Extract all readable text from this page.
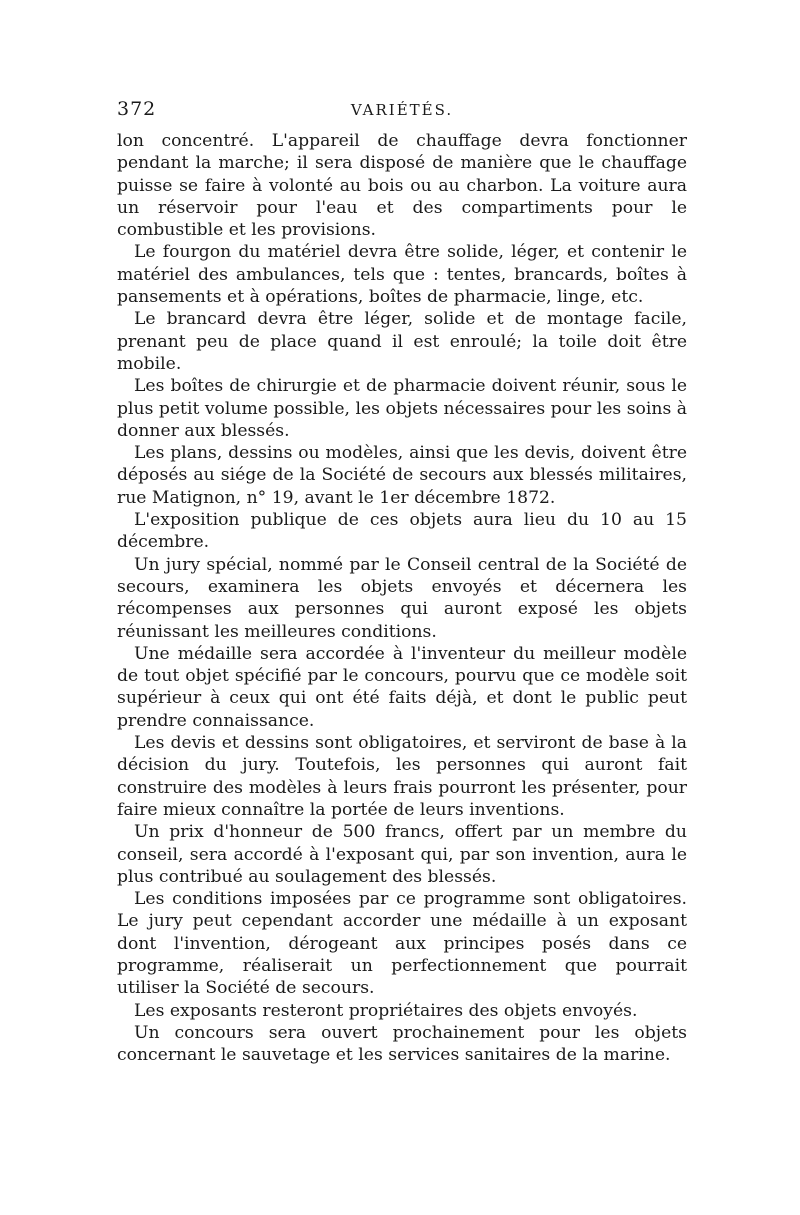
372	VARIÉTÉS.

lon concentré. L'appareil de chauffage devra fonctionner pendant la marche; il sera disposé de manière que le chauffage puisse se faire à volonté au bois ou au charbon. La voiture aura un réservoir pour l'eau et des compartiments pour le combustible et les provisions.

Le fourgon du matériel devra être solide, léger, et contenir le matériel des ambulances, tels que : tentes, brancards, boîtes à pansements et à opérations, boîtes de pharmacie, linge, etc.

Le brancard devra être léger, solide et de montage facile, prenant peu de place quand il est enroulé; la toile doit être mobile.

Les boîtes de chirurgie et de pharmacie doivent réunir, sous le plus petit volume possible, les objets nécessaires pour les soins à donner aux blessés.

Les plans, dessins ou modèles, ainsi que les devis, doivent être déposés au siége de la Société de secours aux blessés militaires, rue Matignon, n° 19, avant le 1er décembre 1872.

L'exposition publique de ces objets aura lieu du 10 au 15 décembre.

Un jury spécial, nommé par le Conseil central de la Société de secours, examinera les objets envoyés et décernera les récompenses aux personnes qui auront exposé les objets réunissant les meilleures conditions.

Une médaille sera accordée à l'inventeur du meilleur modèle de tout objet spécifié par le concours, pourvu que ce modèle soit supérieur à ceux qui ont été faits déjà, et dont le public peut prendre connaissance.

Les devis et dessins sont obligatoires, et serviront de base à la décision du jury. Toutefois, les personnes qui auront fait construire des modèles à leurs frais pourront les présenter, pour faire mieux connaître la portée de leurs inventions.

Un prix d'honneur de 500 francs, offert par un membre du conseil, sera accordé à l'exposant qui, par son invention, aura le plus contribué au soulagement des blessés.

Les conditions imposées par ce programme sont obligatoires. Le jury peut cependant accorder une médaille à un exposant dont l'invention, dérogeant aux principes posés dans ce programme, réaliserait un perfectionnement que pourrait utiliser la Société de secours.

Les exposants resteront propriétaires des objets envoyés.

Un concours sera ouvert prochainement pour les objets concernant le sauvetage et les services sanitaires de la marine.
